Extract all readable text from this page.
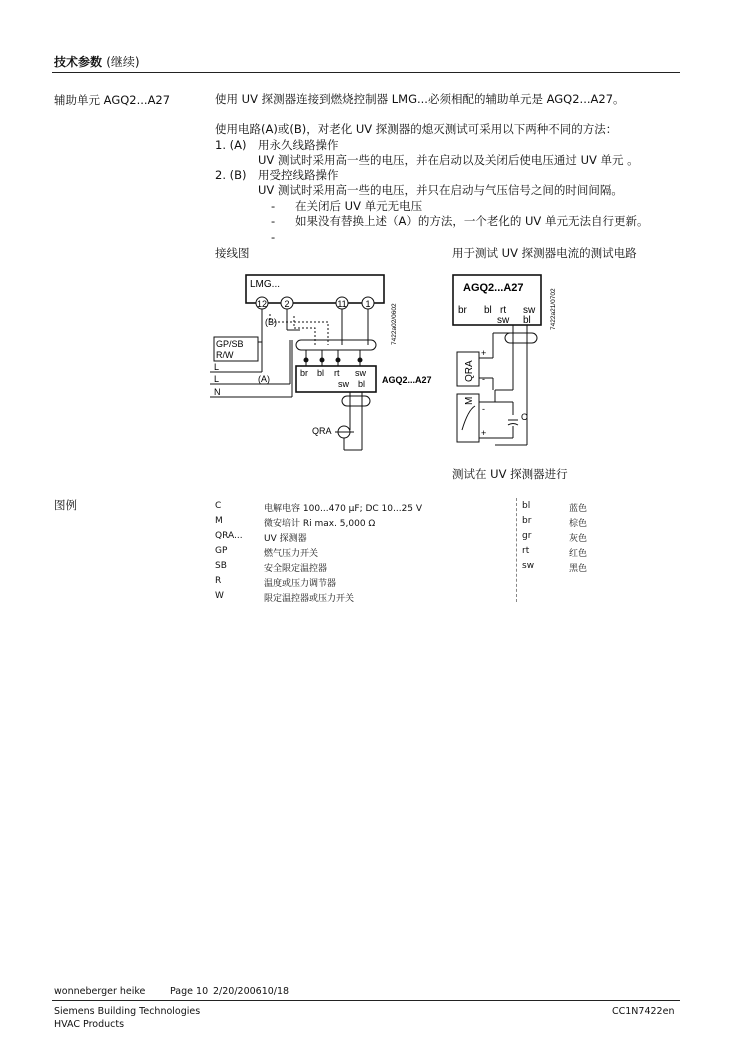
技术参数 (继续)
辅助单元 AGQ2...A27	使用 UV 探测器连接到燃烧控制器 LMG...必须相配的辅助单元是 AGQ2...A27。
使用电路(A)或(B)，对老化 UV 探测器的熄灭测试可采用以下两种不同的方法：
1. (A) 用永久线路操作
UV 测试时采用高一些的电压，并在启动以及关闭后使电压通过 UV 单元 。
2. (B) 用受控线路操作
UV 测试时采用高一些的电压，并只在启动与气压信号之间的时间间隔。
- 在关闭后 UV 单元无电压
- 如果没有替换上述（A）的方法，一个老化的 UV 单元无法自行更新。
-
接线图	用于测试 UV 探测器电流的测试电路
LMG...
12 2	11 1
(B)
GP/SB
R/W
L
L	(A)
N
br bl rt sw
sw bl AGQ2...A27
QRA
7422a02/0602
AGQ2...A27
br bl rt sw
sw bl
QRA
M
C
+
-
-
+
7422a21/0702
测试在 UV 探测器进行
图例	C	电解电容 100...470 µF; DC 10...25 V
M	微安培计 Ri max. 5,000 Ω
QRA... UV 探测器
GP	燃气压力开关
SB	安全限定温控器
R	温度或压力调节器
W	限定温控器或压力开关
bl	蓝色
br	棕色
gr	灰色
rt	红色
sw	黑色
wonneberger heike	Page 10 2/20/200610/18
Siemens Building Technologies
HVAC Products
CC1N7422en
